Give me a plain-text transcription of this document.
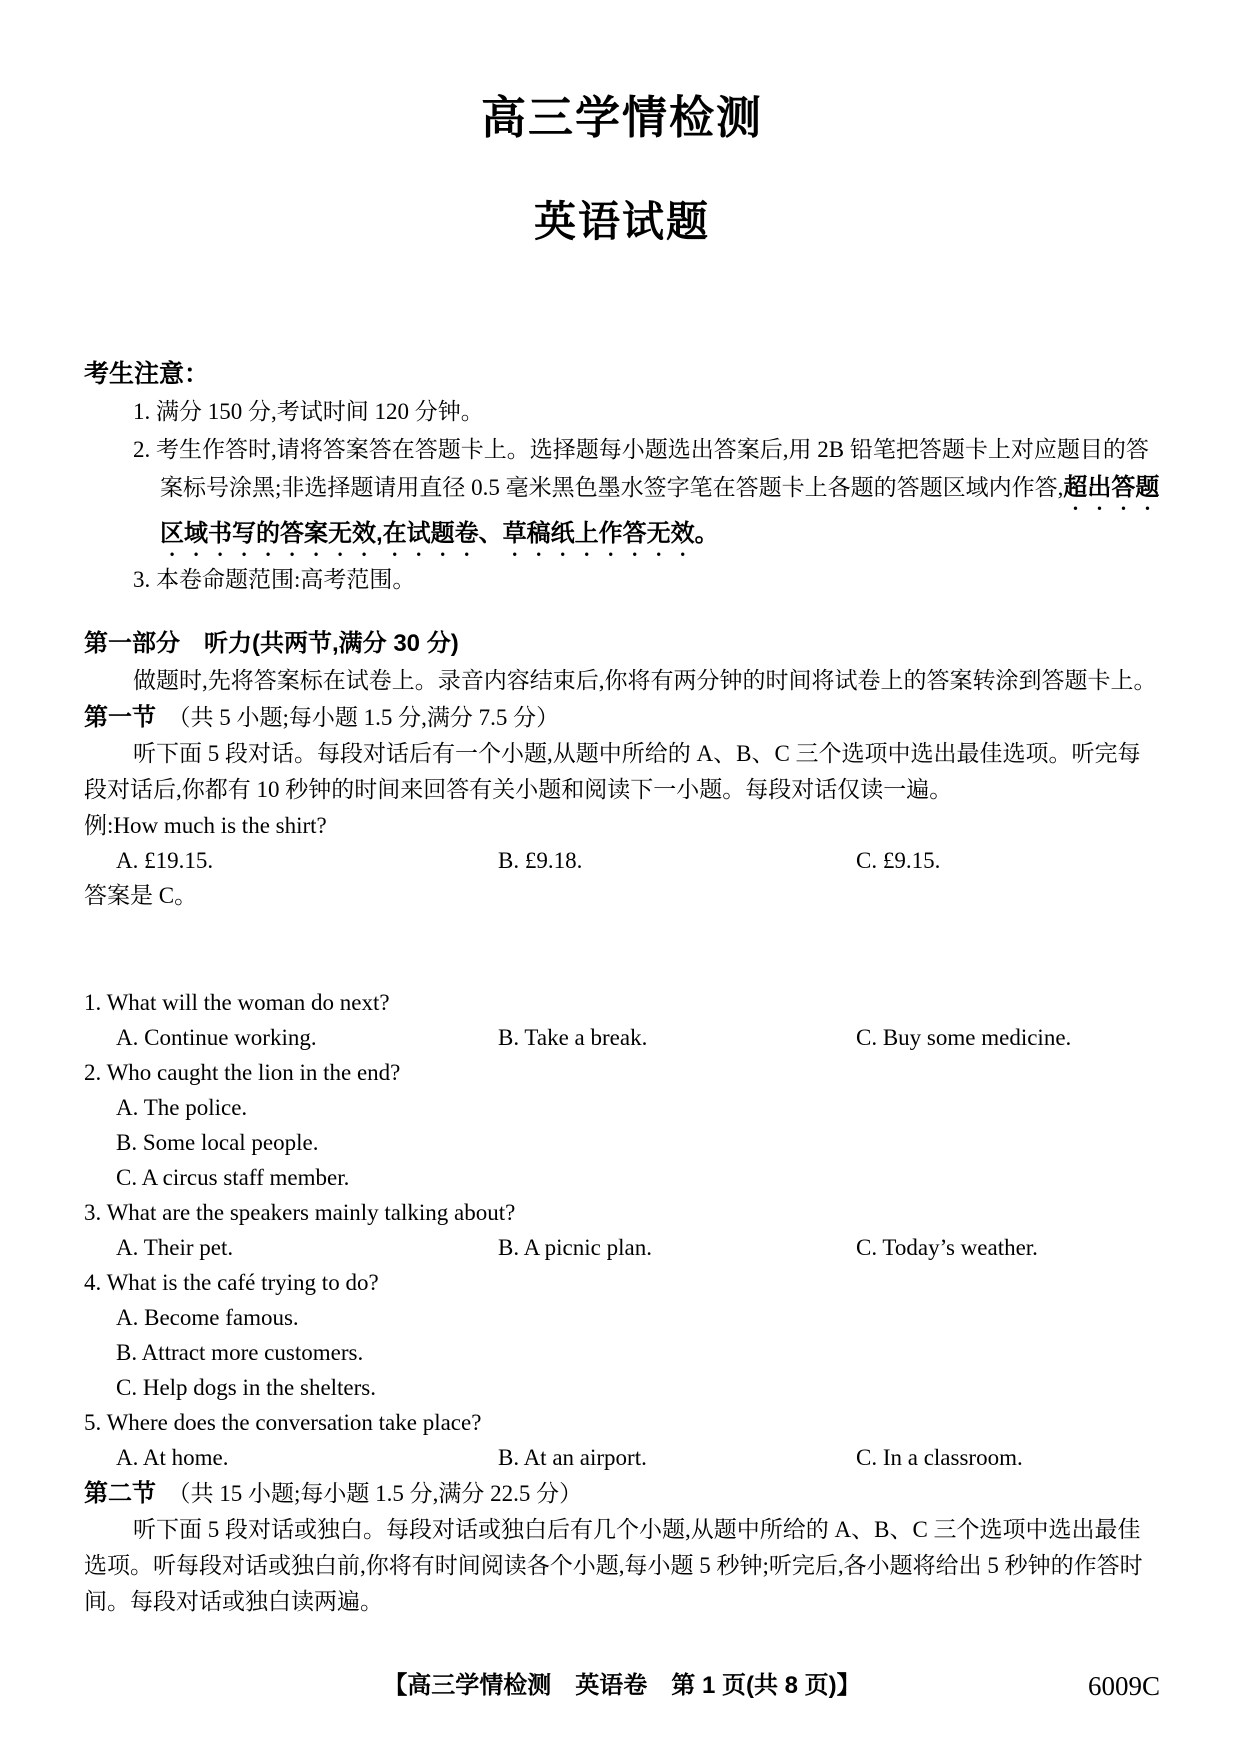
高三学情检测
英语试题
考生注意：
1. 满分 150 分,考试时间 120 分钟。
2. 考生作答时,请将答案答在答题卡上。选择题每小题选出答案后,用 2B 铅笔把答题卡上对应题目的答案标号涂黑;非选择题请用直径 0.5 毫米黑色墨水签字笔在答题卡上各题的答题区域内作答,超出答题区域书写的答案无效,在试题卷、草稿纸上作答无效。
3. 本卷命题范围:高考范围。
第一部分　听力(共两节,满分 30 分)

做题时,先将答案标在试卷上。录音内容结束后,你将有两分钟的时间将试卷上的答案转涂到答题卡上。

第一节　 （共 5 小题;每小题 1.5 分,满分 7.5 分）

听下面 5 段对话。每段对话后有一个小题,从题中所给的 A、B、C 三个选项中选出最佳选项。听完每段对话后,你都有 10 秒钟的时间来回答有关小题和阅读下一小题。每段对话仅读一遍。

例:How much is the shirt?
A. £19.15.	B. £9.18.	C. £9.15.
答案是 C。
1. What will the woman do next?
A. Continue working.	B. Take a break.	C. Buy some medicine.
2. Who caught the lion in the end?
A. The police.
B. Some local people.
C. A circus staff member.
3. What are the speakers mainly talking about?
A. Their pet.	B. A picnic plan.	C. Today’s weather.
4. What is the café trying to do?
A. Become famous.
B. Attract more customers.
C. Help dogs in the shelters.
5. Where does the conversation take place?
A. At home.	B. At an airport.	C. In a classroom.
第二节　 （共 15 小题;每小题 1.5 分,满分 22.5 分）

听下面 5 段对话或独白。每段对话或独白后有几个小题,从题中所给的 A、B、C 三个选项中选出最佳选项。听每段对话或独白前,你将有时间阅读各个小题,每小题 5 秒钟;听完后,各小题将给出 5 秒钟的作答时间。每段对话或独白读两遍。

【高三学情检测　英语卷　第 1 页(共 8 页)】	6009C
